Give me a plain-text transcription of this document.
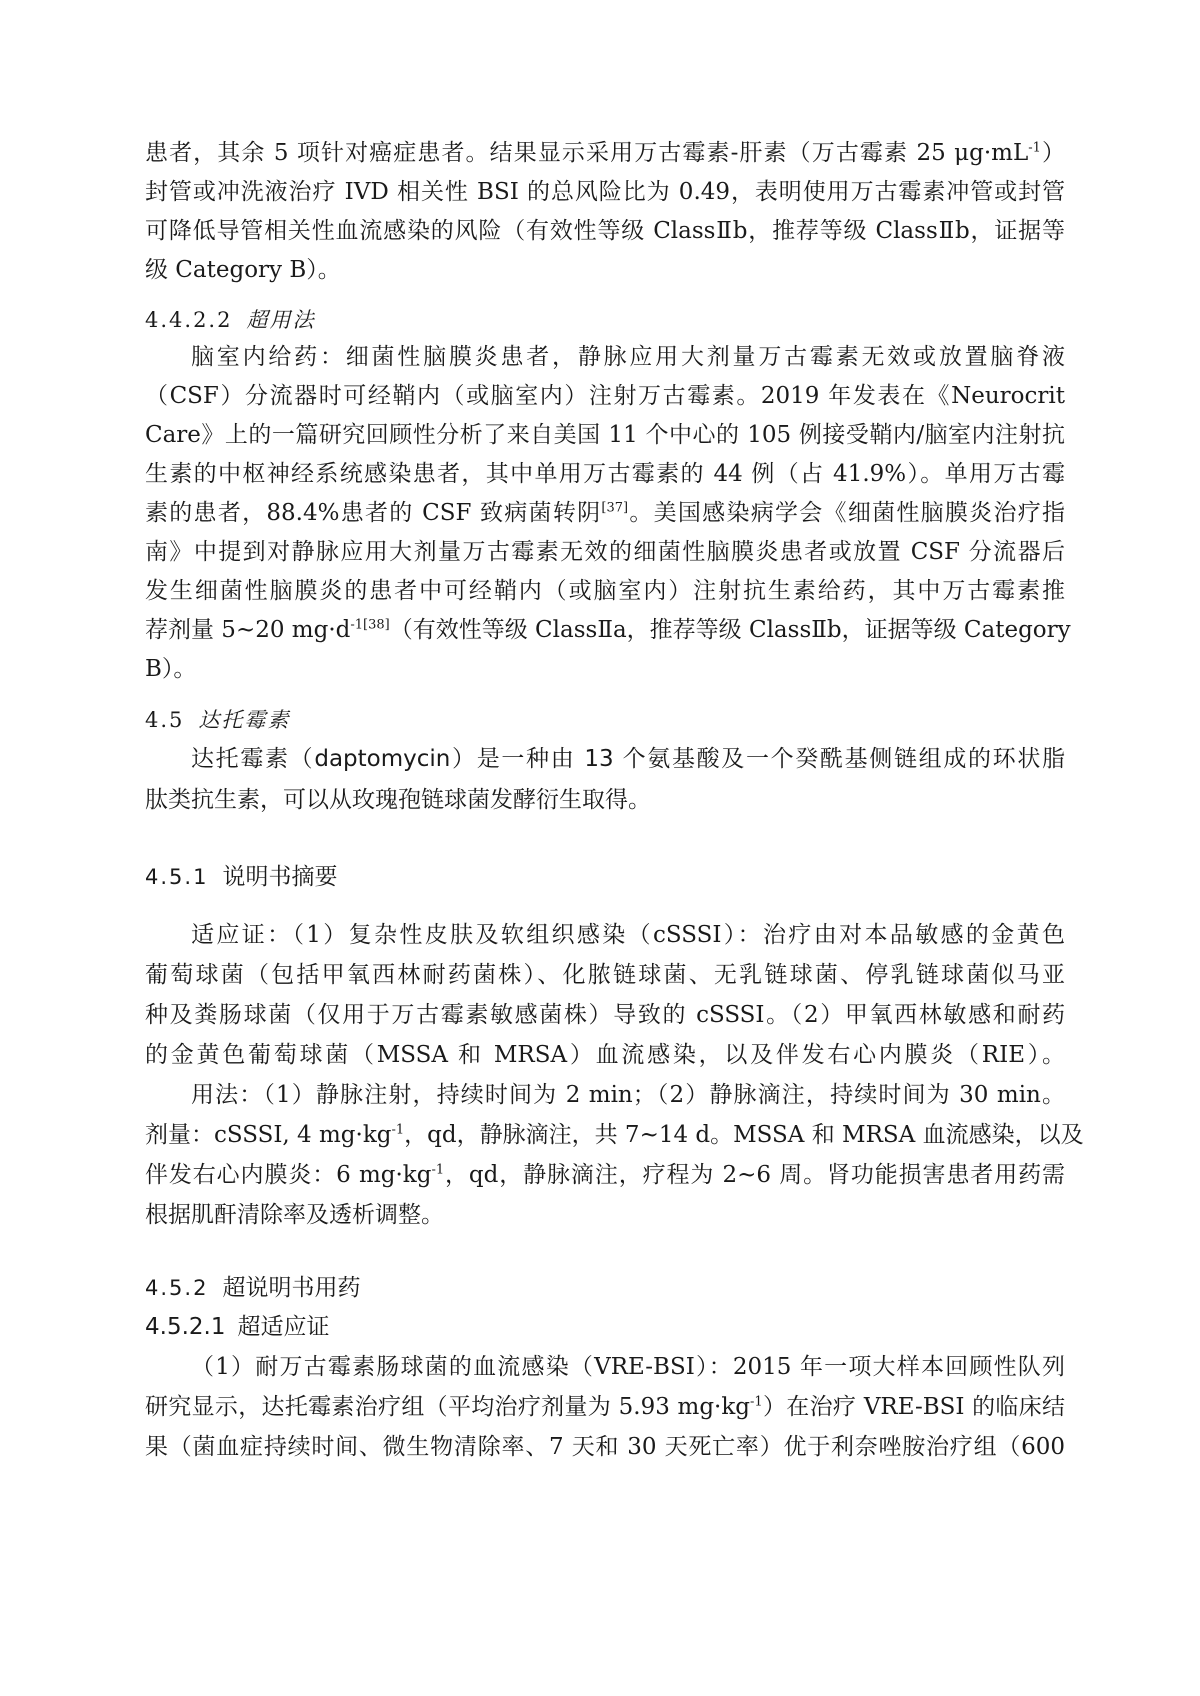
患者，其余 5 项针对癌症患者。结果显示采用万古霉素-肝素（万古霉素 25 $\mu g\cdot mL^{-1}$）
封管或冲洗液治疗 IVD 相关性 BSI 的总风险比为 0.49，表明使用万古霉素冲管或封管
可降低导管相关性血流感染的风险（有效性等级 ClassⅡb，推荐等级 ClassⅡb，证据等
级 Category B）。
4.4.2.2 超用法
脑室内给药：细菌性脑膜炎患者，静脉应用大剂量万古霉素无效或放置脑脊液
（CSF）分流器时可经鞘内（或脑室内）注射万古霉素。2019 年发表在《Neurocrit
Care》上的一篇研究回顾性分析了来自美国 11 个中心的 105 例接受鞘内/脑室内注射抗
生素的中枢神经系统感染患者，其中单用万古霉素的 44 例（占 41.9%）。单用万古霉
素的患者，88.4%患者的 CSF 致病菌转阴[37]。美国感染病学会《细菌性脑膜炎治疗指
南》中提到对静脉应用大剂量万古霉素无效的细菌性脑膜炎患者或放置 CSF 分流器后
发生细菌性脑膜炎的患者中可经鞘内（或脑室内）注射抗生素给药，其中万古霉素推
荐剂量 5~20 $mg\cdot d^{-1[38]}$（有效性等级 ClassⅡa，推荐等级 ClassⅡb，证据等级 Category
B）。
4.5 达托霉素
达托霉素（daptomycin）是一种由 13 个氨基酸及一个癸酰基侧链组成的环状脂
肽类抗生素，可以从玫瑰孢链球菌发酵衍生取得。
4.5.1 说明书摘要
适应证：（1）复杂性皮肤及软组织感染（cSSSI）：治疗由对本品敏感的金黄色
葡萄球菌（包括甲氧西林耐药菌株）、化脓链球菌、无乳链球菌、停乳链球菌似马亚
种及粪肠球菌（仅用于万古霉素敏感菌株）导致的 cSSSI。（2）甲氧西林敏感和耐药
的金黄色葡萄球菌（MSSA 和 MRSA）血流感染，以及伴发右心内膜炎（RIE）。
用法：（1）静脉注射，持续时间为 2 min；（2）静脉滴注，持续时间为 30 min。
剂量：cSSSI, 4 $mg\cdot kg^{-1}$，qd，静脉滴注，共 7~14 d。MSSA 和 MRSA 血流感染，以及
伴发右心内膜炎：6 $mg\cdot kg^{-1}$，qd，静脉滴注，疗程为 2~6 周。肾功能损害患者用药需
根据肌酐清除率及透析调整。
4.5.2 超说明书用药
4.5.2.1 超适应证
（1）耐万古霉素肠球菌的血流感染（VRE-BSI）：2015 年一项大样本回顾性队列
研究显示，达托霉素治疗组（平均治疗剂量为 5.93 $mg\cdot kg^{-1}$）在治疗 VRE-BSI 的临床结
果（菌血症持续时间、微生物清除率、7 天和 30 天死亡率）优于利奈唑胺治疗组（600
